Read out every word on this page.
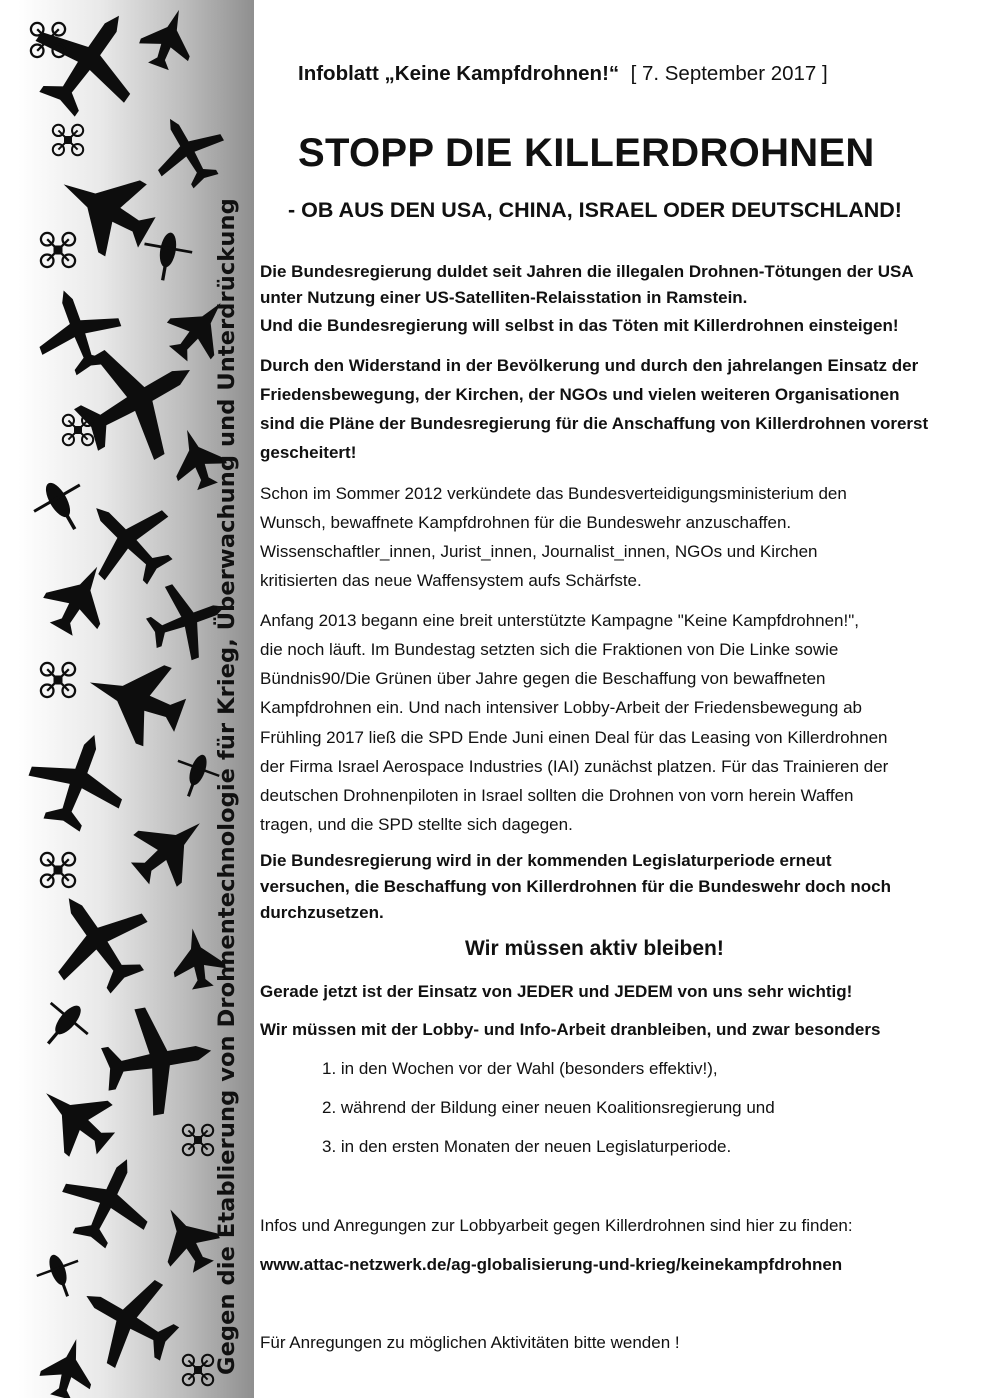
Gegen die Etablierung von Drohnentechnologie für Krieg, Überwachung und Unterdrückung
Infoblatt „Keine Kampfdrohnen!“ [ 7. September 2017 ]
STOPP DIE KILLERDROHNEN
- OB AUS DEN USA, CHINA, ISRAEL ODER DEUTSCHLAND!
Die Bundesregierung duldet seit Jahren die illegalen Drohnen-Tötungen der USA
unter Nutzung einer US-Satelliten-Relaisstation in Ramstein.
Und die Bundesregierung will selbst in das Töten mit Killerdrohnen einsteigen!
Durch den Widerstand in der Bevölkerung und durch den jahrelangen Einsatz der
Friedensbewegung, der Kirchen, der NGOs und vielen weiteren Organisationen
sind die Pläne der Bundesregierung für die Anschaffung von Killerdrohnen vorerst
gescheitert!
Schon im Sommer 2012 verkündete das Bundesverteidigungsministerium den
Wunsch, bewaffnete Kampfdrohnen für die Bundeswehr anzuschaffen.
Wissenschaftler_innen, Jurist_innen, Journalist_innen, NGOs und Kirchen
kritisierten das neue Waffensystem aufs Schärfste.
Anfang 2013 begann eine breit unterstützte Kampagne "Keine Kampfdrohnen!",
die noch läuft. Im Bundestag setzten sich die Fraktionen von Die Linke sowie
Bündnis90/Die Grünen über Jahre gegen die Beschaffung von bewaffneten
Kampfdrohnen ein. Und nach intensiver Lobby-Arbeit der Friedensbewegung ab
Frühling 2017 ließ die SPD Ende Juni einen Deal für das Leasing von Killerdrohnen
der Firma Israel Aerospace Industries (IAI) zunächst platzen. Für das Trainieren der
deutschen Drohnenpiloten in Israel sollten die Drohnen von vorn herein Waffen
tragen, und die SPD stellte sich dagegen.
Die Bundesregierung wird in der kommenden Legislaturperiode erneut
versuchen, die Beschaffung von Killerdrohnen für die Bundeswehr doch noch
durchzusetzen.
Wir müssen aktiv bleiben!
Gerade jetzt ist der Einsatz von JEDER und JEDEM von uns sehr wichtig!
Wir müssen mit der Lobby- und Info-Arbeit dranbleiben, und zwar besonders
1. in den Wochen vor der Wahl (besonders effektiv!),
2. während der Bildung einer neuen Koalitionsregierung und
3. in den ersten Monaten der neuen Legislaturperiode.
Infos und Anregungen zur Lobbyarbeit gegen Killerdrohnen sind hier zu finden:
www.attac-netzwerk.de/ag-globalisierung-und-krieg/keinekampfdrohnen
Für Anregungen zu möglichen Aktivitäten bitte wenden !
